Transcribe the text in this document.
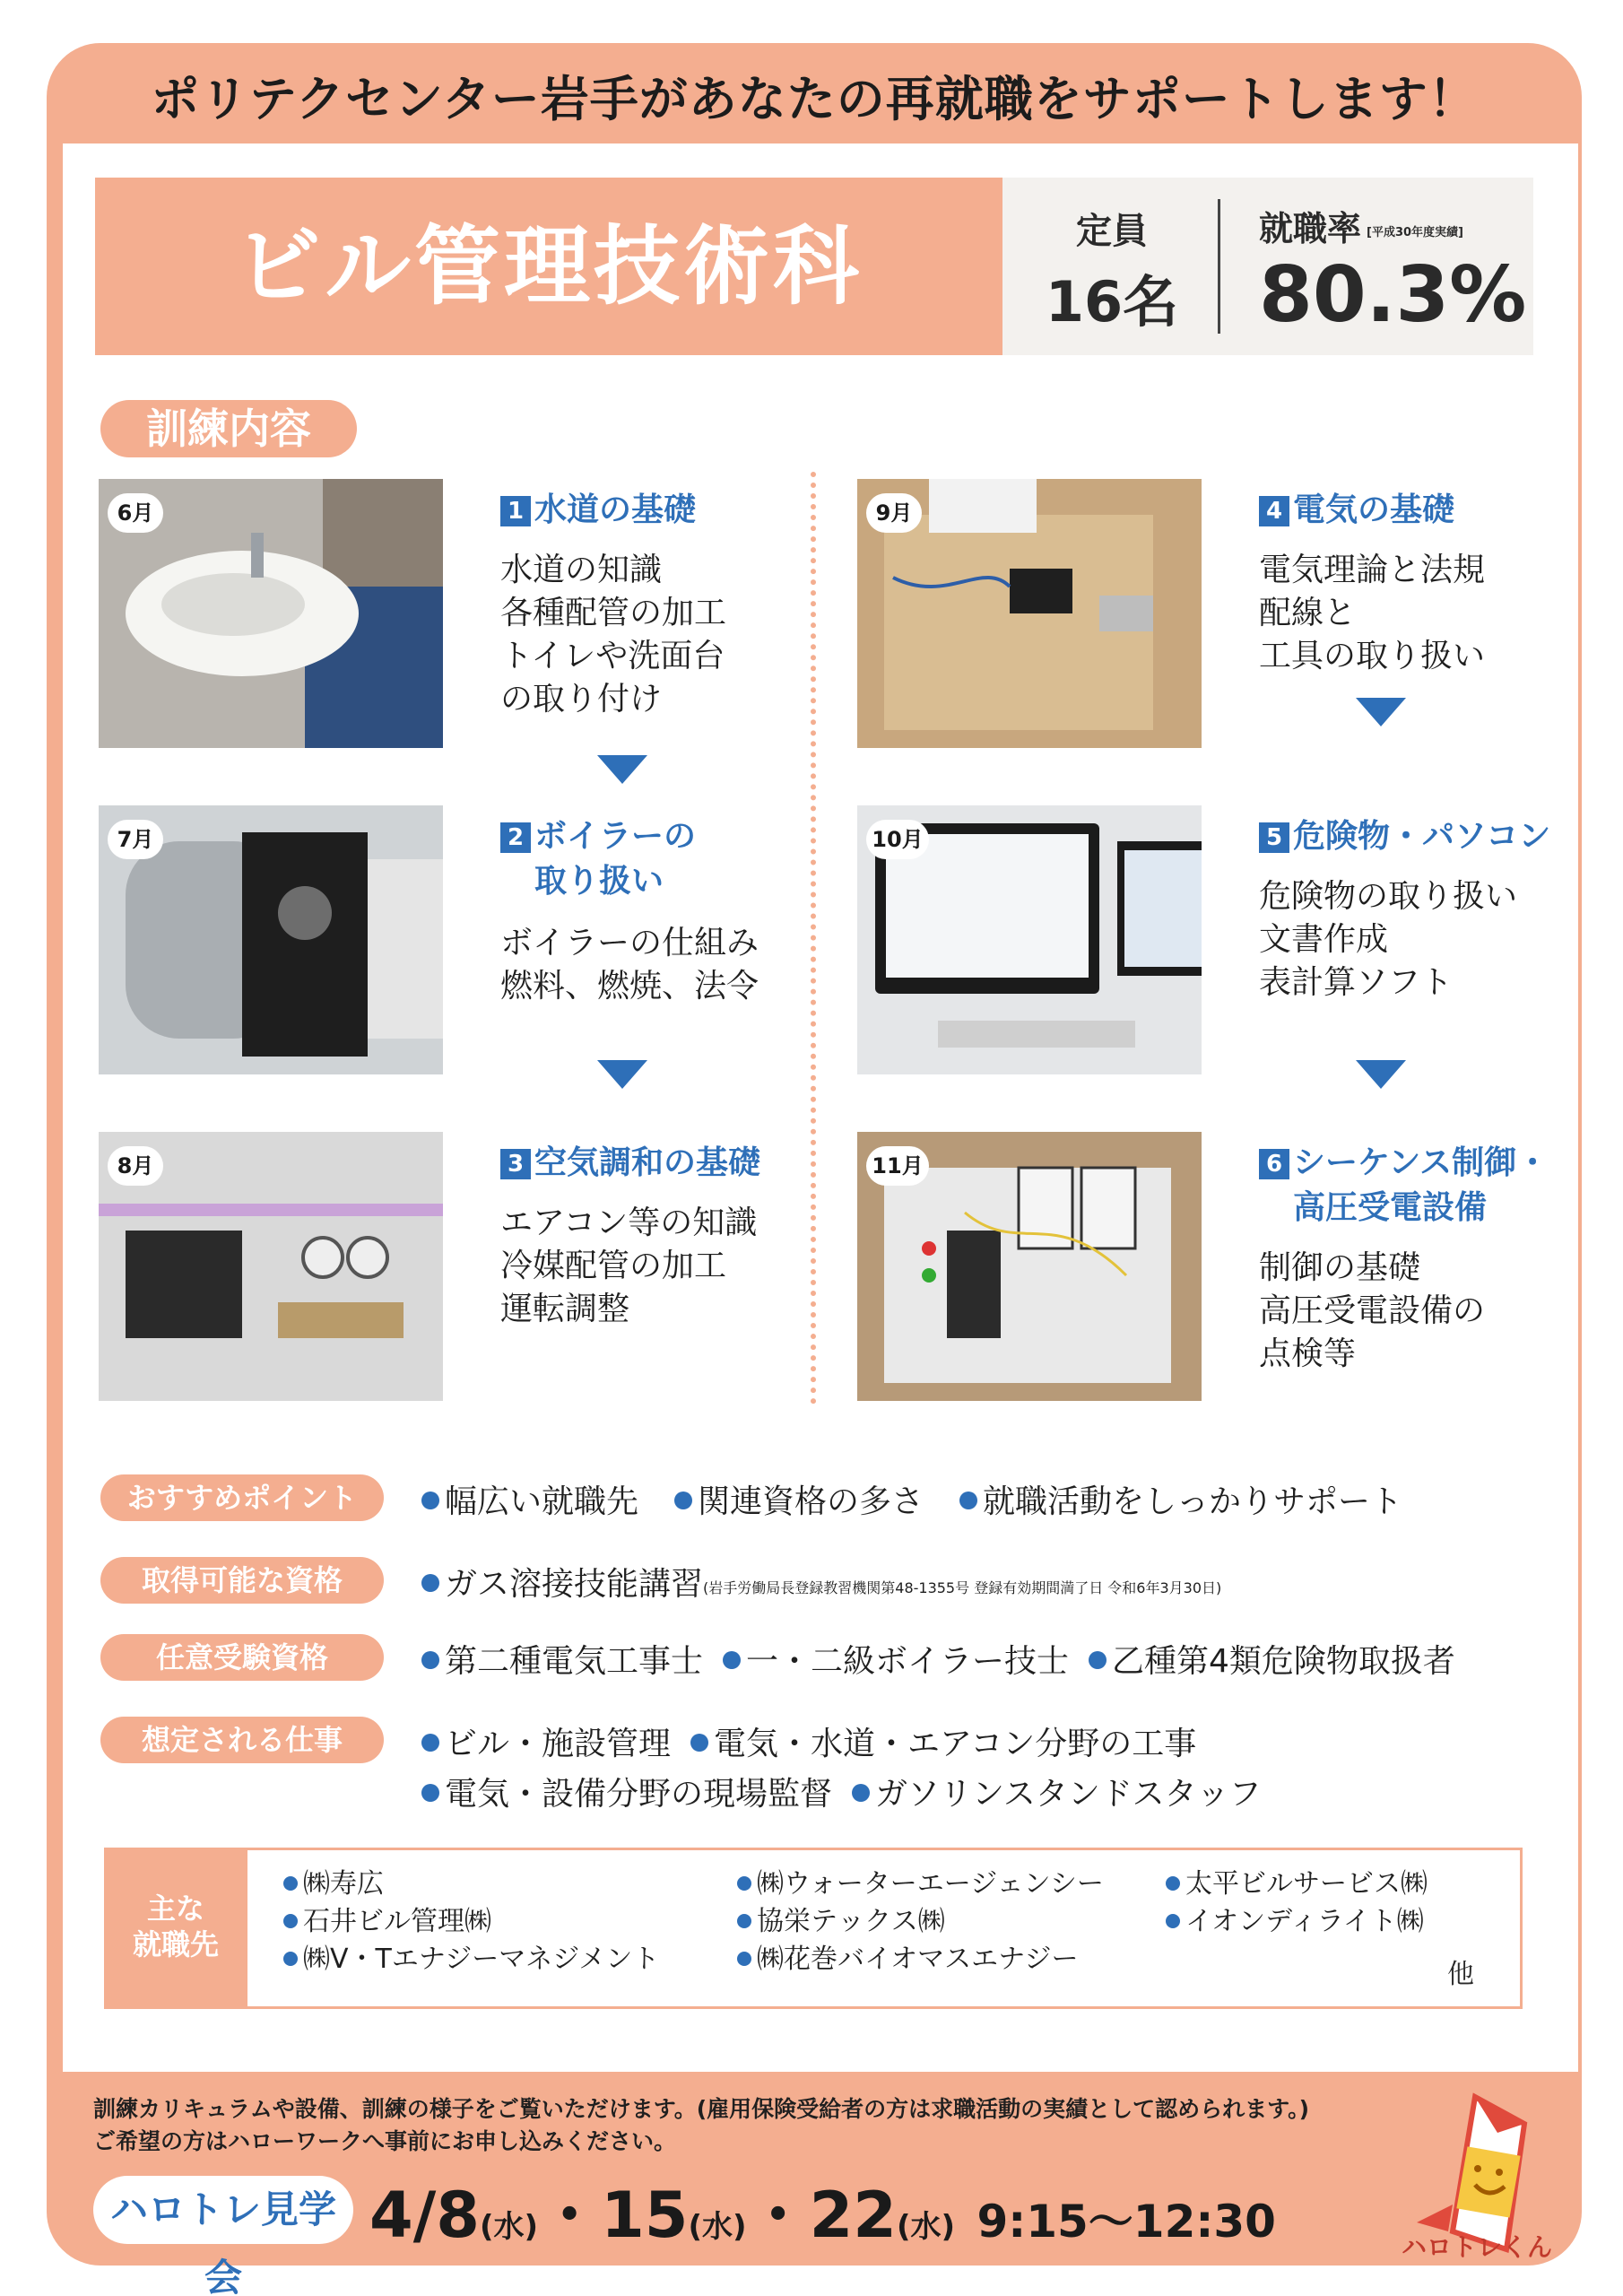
ポリテクセンター岩手があなたの再就職をサポートします！
ビル管理技術科	定員
16名
就職率 [平成30年度実績]
80.3%
訓練内容
6月	1 水道の基礎
水道の知識
各種配管の加工
トイレや洗面台
の取り付け
7月	2 ボイラーの
取り扱い
ボイラーの仕組み
燃料、燃焼、法令
8月	3 空気調和の基礎
エアコン等の知識
冷媒配管の加工
運転調整
9月	4 電気の基礎
電気理論と法規
配線と
工具の取り扱い
10月	5 危険物・パソコン
危険物の取り扱い
文書作成
表計算ソフト
11月	6 シーケンス制御・
高圧受電設備
制御の基礎
高圧受電設備の
点検等
おすすめポイント	幅広い就職先 関連資格の多さ 就職活動をしっかりサポート
取得可能な資格	ガス溶接技能講習(岩手労働局長登録教習機関第48-1355号 登録有効期間満了日 令和6年3月30日)
任意受験資格	第二種電気工事士 一・二級ボイラー技士 乙種第4類危険物取扱者
想定される仕事	ビル・施設管理 電気・水道・エアコン分野の工事
電気・設備分野の現場監督 ガソリンスタンドスタッフ
主な
就職先
㈱寿広
石井ビル管理㈱
㈱V・Tエナジーマネジメント
㈱ウォーターエージェンシー
協栄テックス㈱
㈱花巻バイオマスエナジー
太平ビルサービス㈱
イオンディライト㈱
他
訓練カリキュラムや設備、訓練の様子をご覧いただけます。(雇用保険受給者の方は求職活動の実績として認められます。)
ご希望の方はハローワークへ事前にお申し込みください。
ハロトレ見学会
4/8(水)・15(水)・22(水) 9:15〜12:30	ハロトレくん
